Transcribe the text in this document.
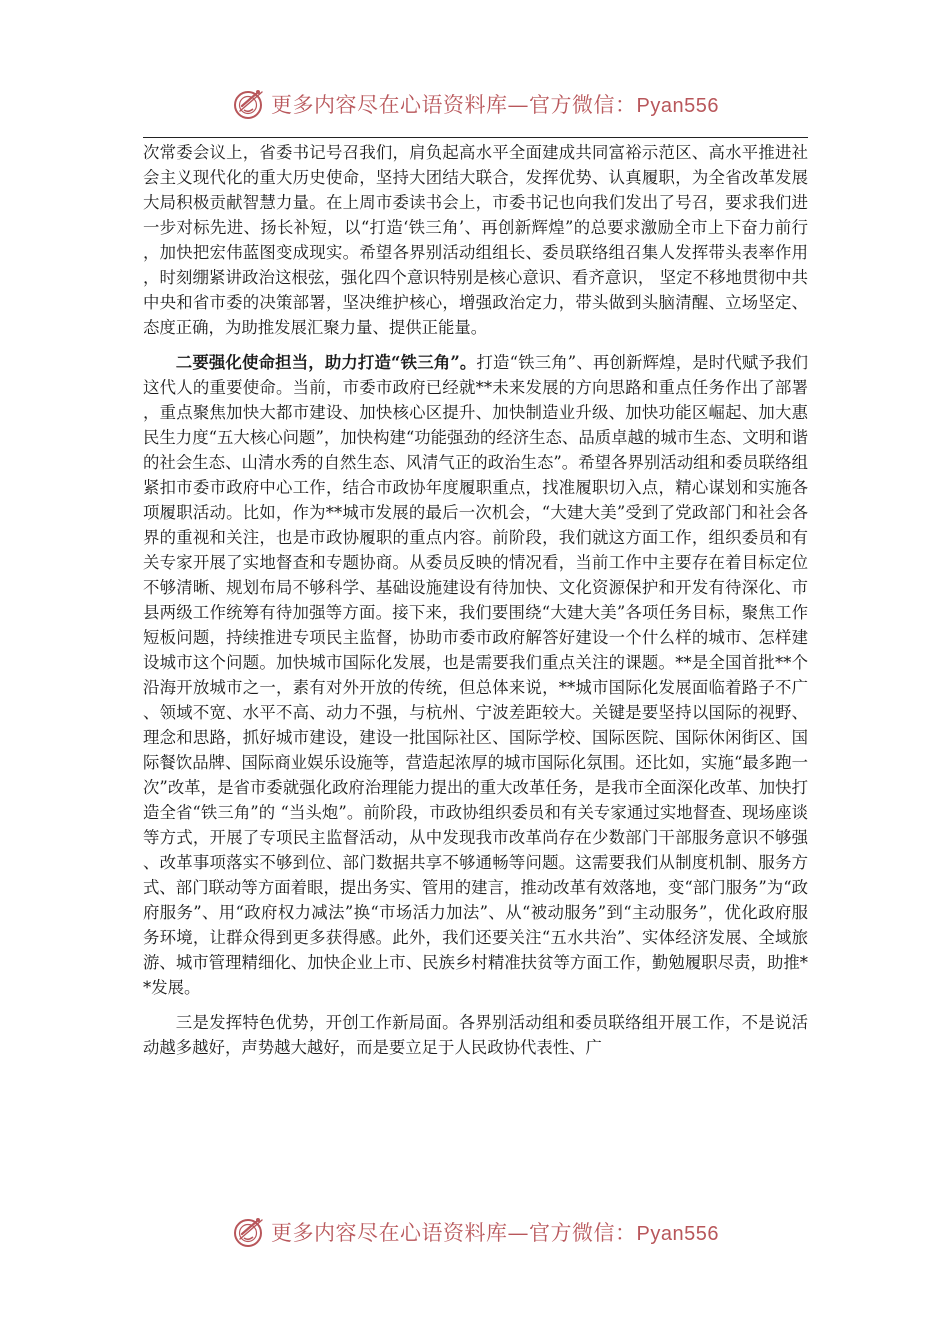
更多内容尽在心语资料库—官方微信：Pyan556

次常委会议上，省委书记号召我们，肩负起高水平全面建成共同富裕示范区、高水平推进社会主义现代化的重大历史使命，坚持大团结大联合，发挥优势、认真履职，为全省改革发展大局积极贡献智慧力量。在上周市委读书会上，市委书记也向我们发出了号召，要求我们进一步对标先进、扬长补短，以“打造‘铁三角’、再创新辉煌”的总要求激励全市上下奋力前行，加快把宏伟蓝图变成现实。希望各界别活动组组长、委员联络组召集人发挥带头表率作用，时刻绷紧讲政治这根弦，强化四个意识特别是核心意识、看齐意识， 坚定不移地贯彻中共中央和省市委的决策部署，坚决维护核心，增强政治定力，带头做到头脑清醒、立场坚定、态度正确，为助推发展汇聚力量、提供正能量。

二要强化使命担当，助力打造“铁三角”。打造“铁三角”、再创新辉煌，是时代赋予我们这代人的重要使命。当前，市委市政府已经就**未来发展的方向思路和重点任务作出了部署，重点聚焦加快大都市建设、加快核心区提升、加快制造业升级、加快功能区崛起、加大惠民生力度“五大核心问题”，加快构建“功能强劲的经济生态、品质卓越的城市生态、文明和谐的社会生态、山清水秀的自然生态、风清气正的政治生态”。希望各界别活动组和委员联络组紧扣市委市政府中心工作，结合市政协年度履职重点，找准履职切入点，精心谋划和实施各项履职活动。比如，作为**城市发展的最后一次机会，“大建大美”受到了党政部门和社会各界的重视和关注，也是市政协履职的重点内容。前阶段，我们就这方面工作，组织委员和有关专家开展了实地督查和专题协商。从委员反映的情况看，当前工作中主要存在着目标定位不够清晰、规划布局不够科学、基础设施建设有待加快、文化资源保护和开发有待深化、市县两级工作统筹有待加强等方面。接下来，我们要围绕“大建大美”各项任务目标，聚焦工作短板问题，持续推进专项民主监督，协助市委市政府解答好建设一个什么样的城市、怎样建设城市这个问题。加快城市国际化发展，也是需要我们重点关注的课题。**是全国首批**个沿海开放城市之一，素有对外开放的传统，但总体来说，**城市国际化发展面临着路子不广、领域不宽、水平不高、动力不强，与杭州、宁波差距较大。关键是要坚持以国际的视野、理念和思路，抓好城市建设，建设一批国际社区、国际学校、国际医院、国际休闲街区、国际餐饮品牌、国际商业娱乐设施等，营造起浓厚的城市国际化氛围。还比如，实施“最多跑一次”改革，是省市委就强化政府治理能力提出的重大改革任务，是我市全面深化改革、加快打造全省“铁三角”的 “当头炮”。前阶段，市政协组织委员和有关专家通过实地督查、现场座谈等方式，开展了专项民主监督活动，从中发现我市改革尚存在少数部门干部服务意识不够强、改革事项落实不够到位、部门数据共享不够通畅等问题。这需要我们从制度机制、服务方式、部门联动等方面着眼，提出务实、管用的建言，推动改革有效落地，变“部门服务”为“政府服务”、用“政府权力减法”换“市场活力加法”、从“被动服务”到“主动服务”，优化政府服务环境，让群众得到更多获得感。此外，我们还要关注“五水共治”、实体经济发展、全域旅游、城市管理精细化、加快企业上市、民族乡村精准扶贫等方面工作，勤勉履职尽责，助推**发展。

三是发挥特色优势，开创工作新局面。各界别活动组和委员联络组开展工作，不是说活动越多越好，声势越大越好，而是要立足于人民政协代表性、广

更多内容尽在心语资料库—官方微信：Pyan556
